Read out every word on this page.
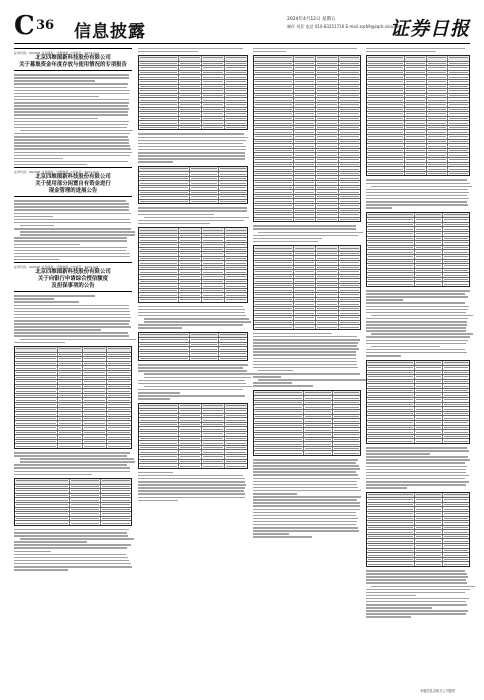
C 36 信息披露
2024年4月12日 星期五
制作 刘菲 电话 010-83251716 E-mail zqrb9@zqrb.sina.net
证券日报
证券代码：002405 证券简称：四维图新 公告编号：2024-019
北京四维图新科技股份有限公司
关于募集资金年度存放与使用情况的专项报告
证券代码：002405 证券简称：四维图新 公告编号：2024-020
北京四维图新科技股份有限公司
关于使用部分闲置自有资金进行
现金管理的进展公告
证券代码：002405 证券简称：四维图新 公告编号：2024-021
北京四维图新科技股份有限公司
关于向银行申请综合授信额度
及担保事项的公告
本版信息由相关公司提供
